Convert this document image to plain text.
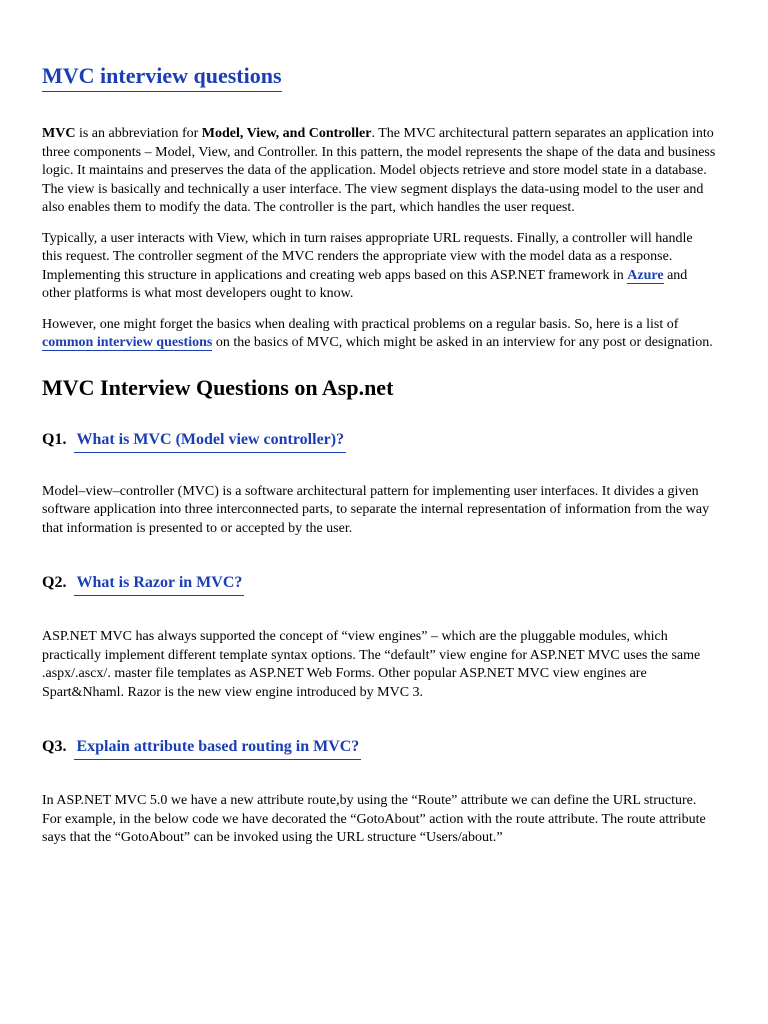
MVC interview questions

MVC is an abbreviation for Model, View, and Controller. The MVC architectural pattern separates an application into three components – Model, View, and Controller. In this pattern, the model represents the shape of the data and business logic. It maintains and preserves the data of the application. Model objects retrieve and store model state in a database. The view is basically and technically a user interface. The view segment displays the data-using model to the user and also enables them to modify the data. The controller is the part, which handles the user request.

Typically, a user interacts with View, which in turn raises appropriate URL requests. Finally, a controller will handle this request. The controller segment of the MVC renders the appropriate view with the model data as a response. Implementing this structure in applications and creating web apps based on this ASP.NET framework in Azure and other platforms is what most developers ought to know.

However, one might forget the basics when dealing with practical problems on a regular basis. So, here is a list of common interview questions on the basics of MVC, which might be asked in an interview for any post or designation.

MVC Interview Questions on Asp.net
Q1. What is MVC (Model view controller)?

Model–view–controller (MVC) is a software architectural pattern for implementing user interfaces. It divides a given software application into three interconnected parts, to separate the internal representation of information from the way that information is presented to or accepted by the user.

Q2. What is Razor in MVC?

ASP.NET MVC has always supported the concept of “view engines” – which are the pluggable modules, which practically implement different template syntax options. The “default” view engine for ASP.NET MVC uses the same .aspx/.ascx/. master file templates as ASP.NET Web Forms. Other popular ASP.NET MVC view engines are Spart&Nhaml. Razor is the new view engine introduced by MVC 3.

Q3. Explain attribute based routing in MVC?

In ASP.NET MVC 5.0 we have a new attribute route,by using the “Route” attribute we can define the URL structure. For example, in the below code we have decorated the “GotoAbout” action with the route attribute. The route attribute says that the “GotoAbout” can be invoked using the URL structure “Users/about.”
